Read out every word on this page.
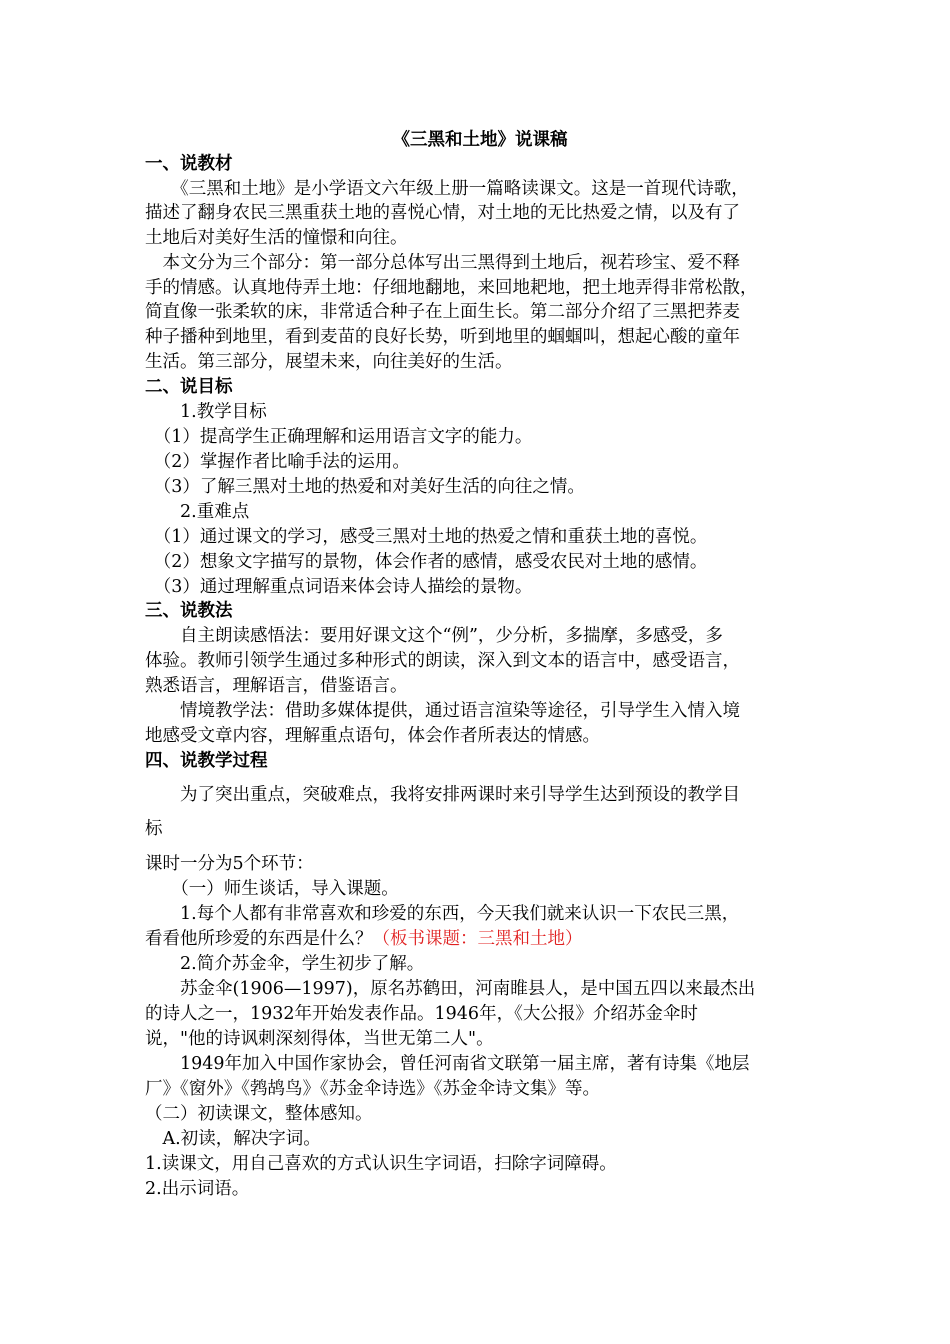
《三黑和土地》说课稿
一、说教材
　　《三黑和土地》是小学语文六年级上册一篇略读课文。这是一首现代诗歌，
描述了翻身农民三黑重获土地的喜悦心情，对土地的无比热爱之情，以及有了
土地后对美好生活的憧憬和向往。
　本文分为三个部分：第一部分总体写出三黑得到土地后，视若珍宝、爱不释
手的情感。认真地侍弄土地：仔细地翻地，来回地耙地，把土地弄得非常松散，
简直像一张柔软的床，非常适合种子在上面生长。第二部分介绍了三黑把荞麦
种子播种到地里，看到麦苗的良好长势，听到地里的蝈蝈叫，想起心酸的童年
生活。第三部分，展望未来，向往美好的生活。
二、说目标
　　1.教学目标
　（1）提高学生正确理解和运用语言文字的能力。
　（2）掌握作者比喻手法的运用。
　（3）了解三黑对土地的热爱和对美好生活的向往之情。
　　2.重难点
　（1）通过课文的学习，感受三黑对土地的热爱之情和重获土地的喜悦。
　（2）想象文字描写的景物，体会作者的感情，感受农民对土地的感情。
　（3）通过理解重点词语来体会诗人描绘的景物。
三、说教法
　　自主朗读感悟法：要用好课文这个“例”，少分析，多揣摩，多感受，多
体验。教师引领学生通过多种形式的朗读，深入到文本的语言中，感受语言，
熟悉语言，理解语言，借鉴语言。
　　情境教学法：借助多媒体提供，通过语言渲染等途径，引导学生入情入境
地感受文章内容，理解重点语句，体会作者所表达的情感。
四、说教学过程
　　为了突出重点，突破难点，我将安排两课时来引导学生达到预设的教学目
标
课时一分为5个环节：
　　（一）师生谈话，导入课题。
　　1.每个人都有非常喜欢和珍爱的东西，今天我们就来认识一下农民三黑，
看看他所珍爱的东西是什么？（板书课题：三黑和土地）
　　2.简介苏金伞，学生初步了解。
　　苏金伞(1906—1997)，原名苏鹤田，河南睢县人，是中国五四以来最杰出
的诗人之一，1932年开始发表作品。1946年，《大公报》介绍苏金伞时
说，"他的诗讽刺深刻得体，当世无第二人"。
　　1949年加入中国作家协会，曾任河南省文联第一届主席，著有诗集《地层
厂》《窗外》《鹁鸪鸟》《苏金伞诗选》《苏金伞诗文集》等。
（二）初读课文，整体感知。
　A.初读，解决字词。
1.读课文，用自己喜欢的方式认识生字词语，扫除字词障碍。
2.出示词语。
